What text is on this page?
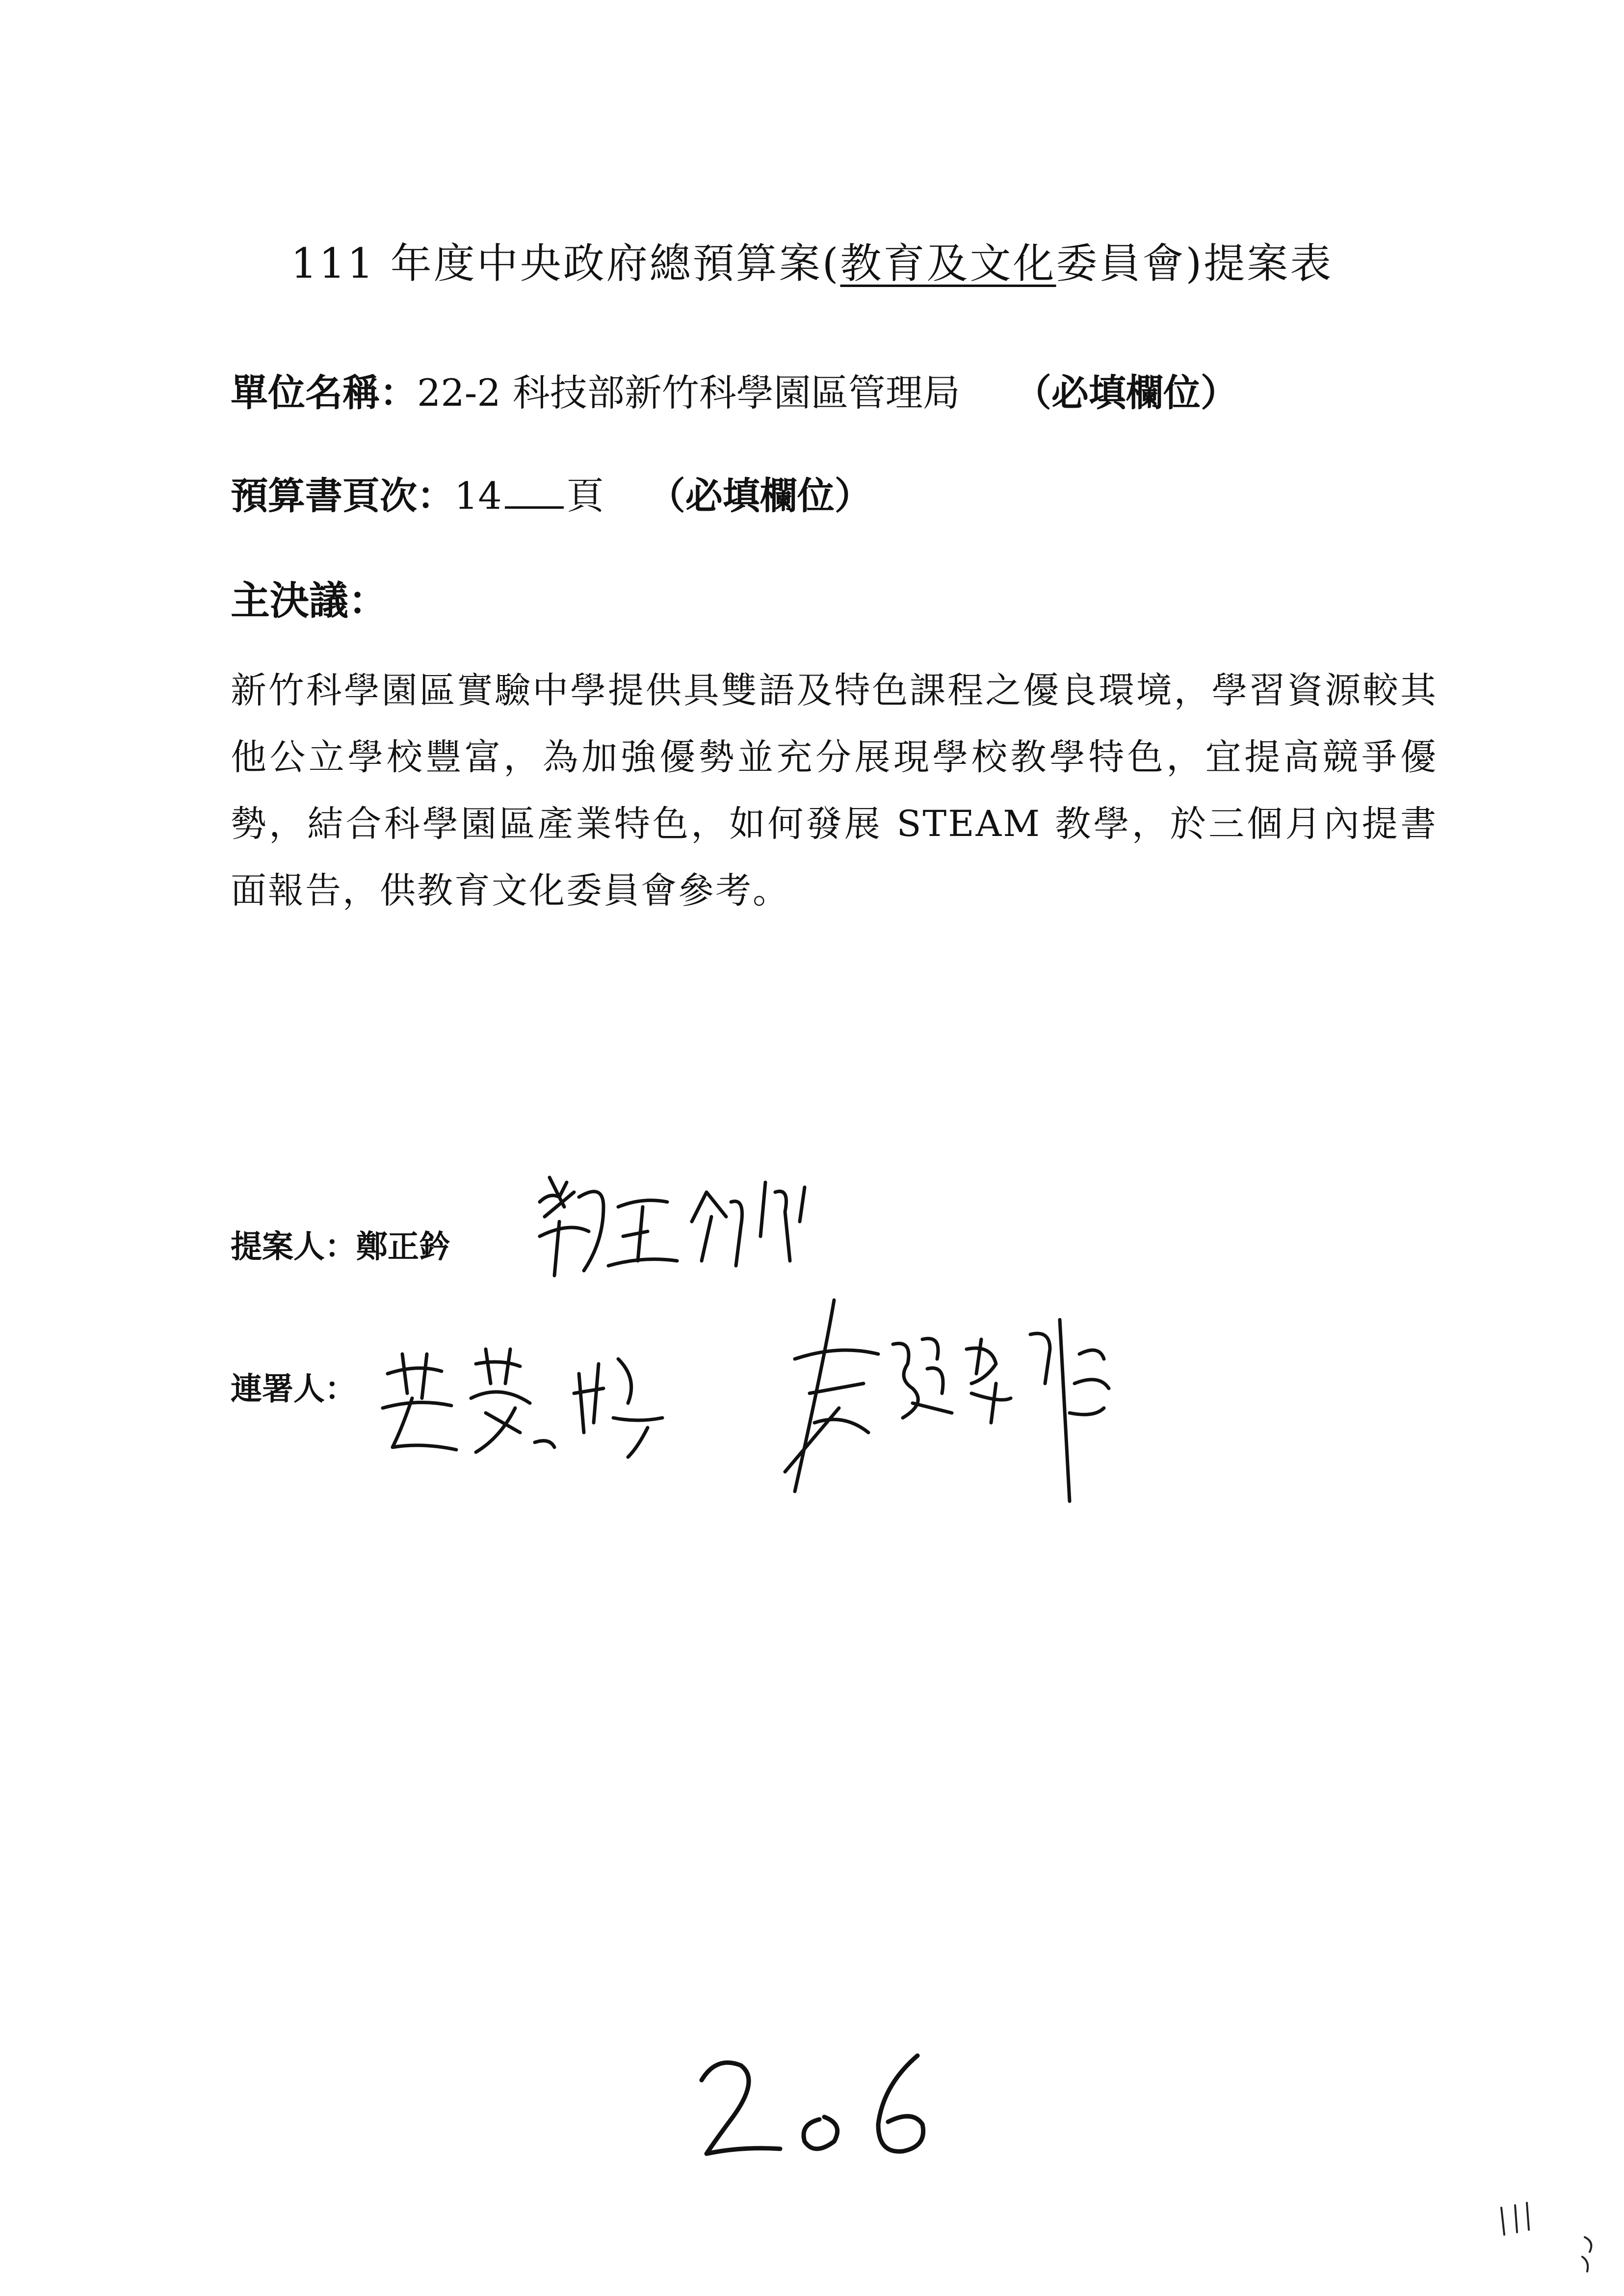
111 年度中央政府總預算案(教育及文化委員會)提案表
單位名稱：22-2 科技部新竹科學園區管理局 （必填欄位）
預算書頁次：14 頁 （必填欄位）
主決議：
新竹科學園區實驗中學提供具雙語及特色課程之優良環境，學習資源較其他公立學校豐富，為加強優勢並充分展現學校教學特色，宜提高競爭優勢，結合科學園區產業特色，如何發展 STEAM 教學，於三個月內提書面報告，供教育文化委員會參考。
提案人：鄭正鈐
連署人：
206
